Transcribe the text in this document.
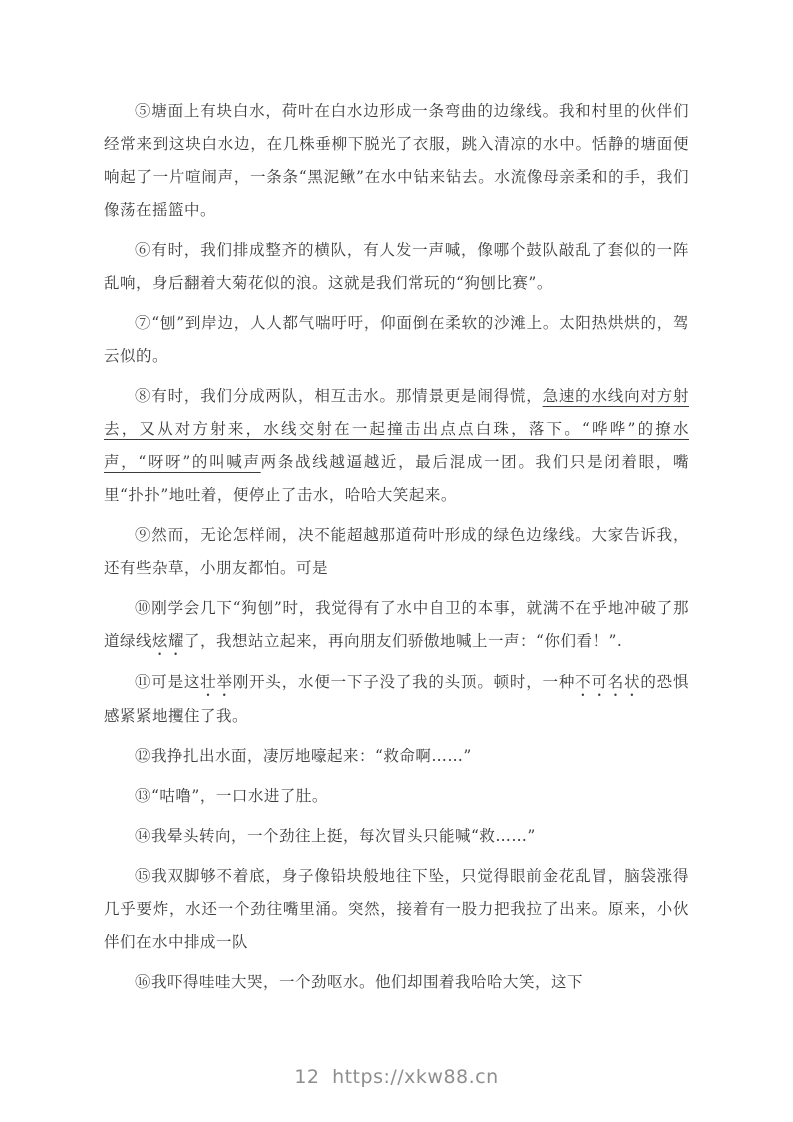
⑤塘面上有块白水，荷叶在白水边形成一条弯曲的边缘线。我和村里的伙伴们经常来到这块白水边，在几株垂柳下脱光了衣服，跳入清凉的水中。恬静的塘面便响起了一片喧闹声，一条条“黑泥鳅”在水中钻来钻去。水流像母亲柔和的手，我们像荡在摇篮中。

⑥有时，我们排成整齐的横队，有人发一声喊，像哪个鼓队敲乱了套似的一阵乱响，身后翻着大菊花似的浪。这就是我们常玩的“狗刨比赛”。

⑦“刨”到岸边，人人都气喘吁吁，仰面倒在柔软的沙滩上。太阳热烘烘的，驾云似的。

⑧有时，我们分成两队，相互击水。那情景更是闹得慌，急速的水线向对方射去，又从对方射来，水线交射在一起撞击出点点白珠，落下。“哗哗”的撩水声，“呀呀”的叫喊声两条战线越逼越近，最后混成一团。我们只是闭着眼，嘴里“扑扑”地吐着，便停止了击水，哈哈大笑起来。

⑨然而，无论怎样闹，决不能超越那道荷叶形成的绿色边缘线。大家告诉我，还有些杂草，小朋友都怕。可是

⑩刚学会几下“狗刨”时，我觉得有了水中自卫的本事，就满不在乎地冲破了那道绿线炫耀了，我想站立起来，再向朋友们骄傲地喊上一声：“你们看！”.

⑪可是这壮举刚开头，水便一下子没了我的头顶。顿时，一种不可名状的恐惧感紧紧地攫住了我。

⑫我挣扎出水面，凄厉地嚎起来：“救命啊……”

⑬“咕噜”，一口水进了肚。

⑭我晕头转向，一个劲往上挺，每次冒头只能喊“救……”

⑮我双脚够不着底，身子像铅块般地往下坠，只觉得眼前金花乱冒，脑袋涨得几乎要炸，水还一个劲往嘴里涌。突然，接着有一股力把我拉了出来。原来，小伙伴们在水中排成一队

⑯我吓得哇哇大哭，一个劲呕水。他们却围着我哈哈大笑，这下

12 https://xkw88.cn
